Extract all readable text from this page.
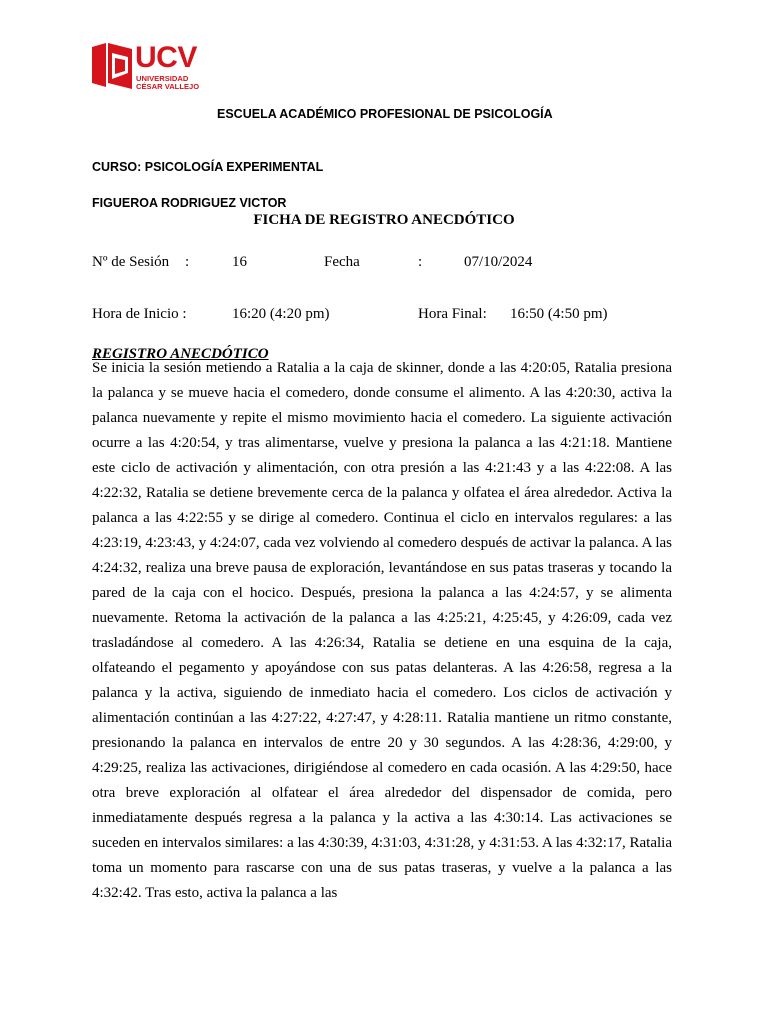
UCV
UNIVERSIDAD
CÉSAR VALLEJO
ESCUELA ACADÉMICO PROFESIONAL DE PSICOLOGÍA
CURSO: PSICOLOGÍA EXPERIMENTAL
FIGUEROA RODRIGUEZ VICTOR
FICHA DE REGISTRO ANECDÓTICO
Nº de Sesión :	16	Fecha	:	07/10/2024
Hora de Inicio :	16:20 (4:20 pm)	Hora Final: 16:50 (4:50 pm)
REGISTRO ANECDÓTICO

Se inicia la sesión metiendo a Ratalia a la caja de skinner, donde a las 4:20:05, Ratalia presiona la palanca y se mueve hacia el comedero, donde consume el alimento. A las 4:20:30, activa la palanca nuevamente y repite el mismo movimiento hacia el comedero. La siguiente activación ocurre a las 4:20:54, y tras alimentarse, vuelve y presiona la palanca a las 4:21:18. Mantiene este ciclo de activación y alimentación, con otra presión a las 4:21:43 y a las 4:22:08. A las 4:22:32, Ratalia se detiene brevemente cerca de la palanca y olfatea el área alrededor. Activa la palanca a las 4:22:55 y se dirige al comedero. Continua el ciclo en intervalos regulares: a las 4:23:19, 4:23:43, y 4:24:07, cada vez volviendo al comedero después de activar la palanca. A las 4:24:32, realiza una breve pausa de exploración, levantándose en sus patas traseras y tocando la pared de la caja con el hocico. Después, presiona la palanca a las 4:24:57, y se alimenta nuevamente. Retoma la activación de la palanca a las 4:25:21, 4:25:45, y 4:26:09, cada vez trasladándose al comedero. A las 4:26:34, Ratalia se detiene en una esquina de la caja, olfateando el pegamento y apoyándose con sus patas delanteras. A las 4:26:58, regresa a la palanca y la activa, siguiendo de inmediato hacia el comedero. Los ciclos de activación y alimentación continúan a las 4:27:22, 4:27:47, y 4:28:11. Ratalia mantiene un ritmo constante, presionando la palanca en intervalos de entre 20 y 30 segundos. A las 4:28:36, 4:29:00, y 4:29:25, realiza las activaciones, dirigiéndose al comedero en cada ocasión. A las 4:29:50, hace otra breve exploración al olfatear el área alrededor del dispensador de comida, pero inmediatamente después regresa a la palanca y la activa a las 4:30:14. Las activaciones se suceden en intervalos similares: a las 4:30:39, 4:31:03, 4:31:28, y 4:31:53. A las 4:32:17, Ratalia toma un momento para rascarse con una de sus patas traseras, y vuelve a la palanca a las 4:32:42. Tras esto, activa la palanca a las
